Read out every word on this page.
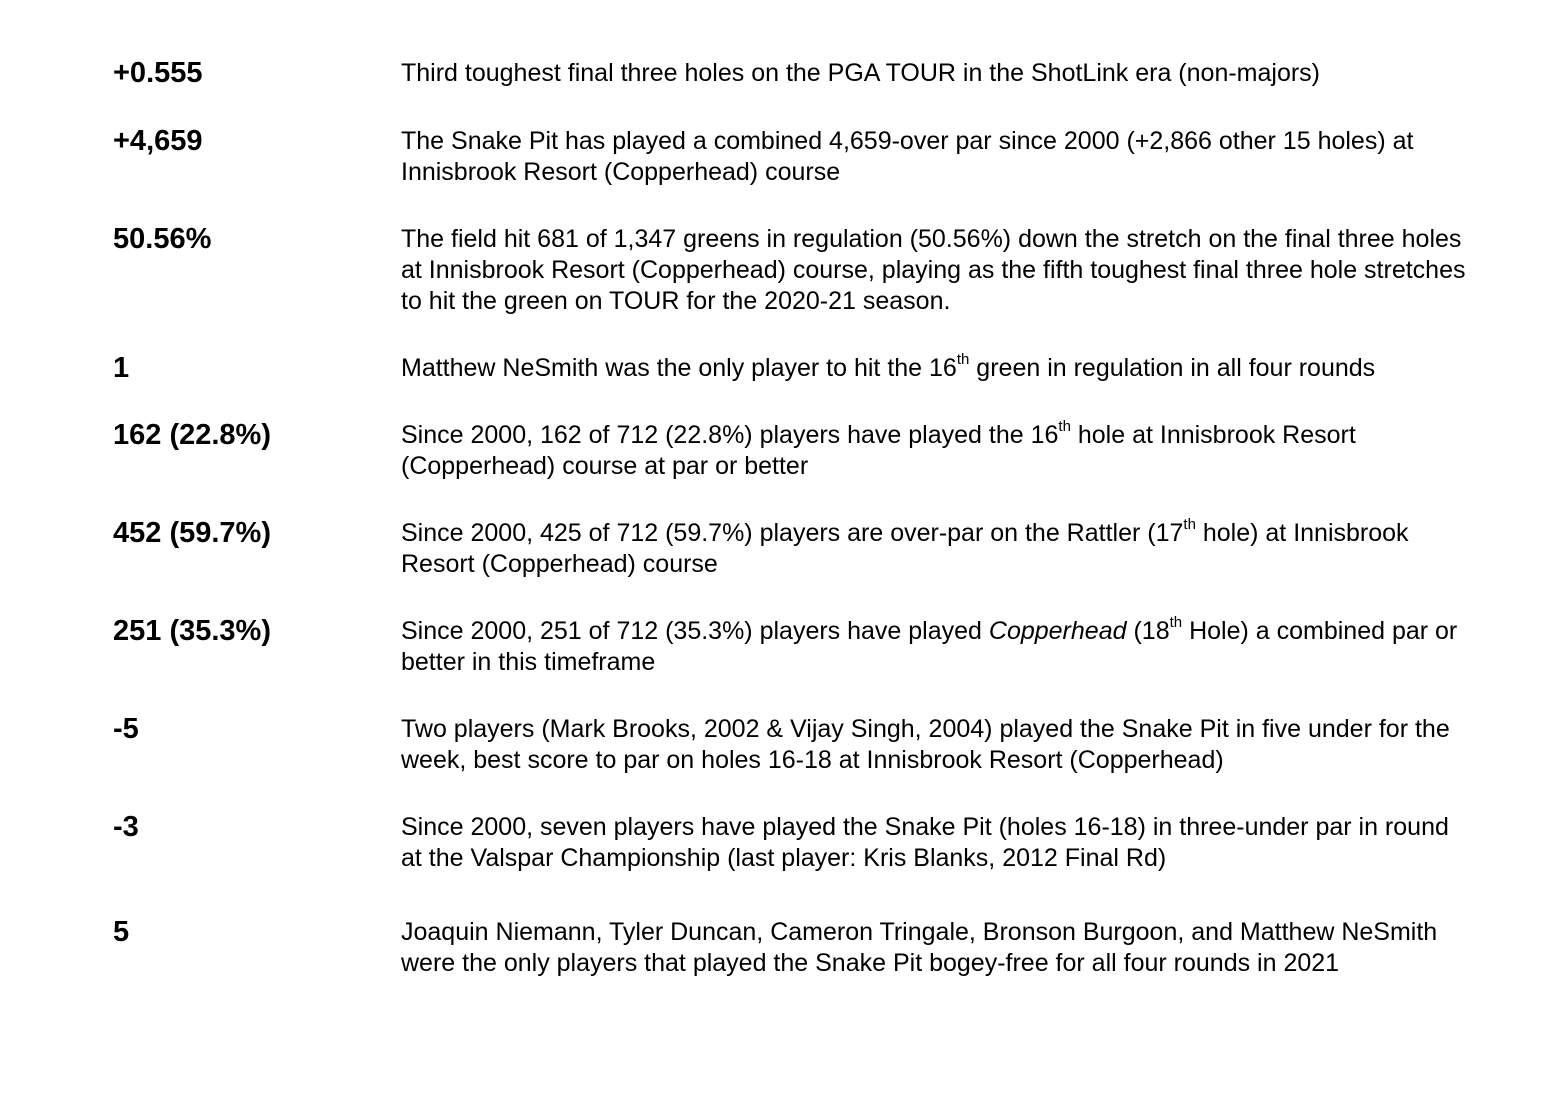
+0.555	Third toughest final three holes on the PGA TOUR in the ShotLink era (non-majors)

+4,659	The Snake Pit has played a combined 4,659-over par since 2000 (+2,866 other 15 holes) at Innisbrook Resort (Copperhead) course

50.56%	The field hit 681 of 1,347 greens in regulation (50.56%) down the stretch on the final three holes at Innisbrook Resort (Copperhead) course, playing as the fifth toughest final three hole stretches to hit the green on TOUR for the 2020-21 season.

1	Matthew NeSmith was the only player to hit the 16th green in regulation in all four rounds

162 (22.8%)	Since 2000, 162 of 712 (22.8%) players have played the 16th hole at Innisbrook Resort (Copperhead) course at par or better

452 (59.7%)	Since 2000, 425 of 712 (59.7%) players are over-par on the Rattler (17th hole) at Innisbrook Resort (Copperhead) course

251 (35.3%)	Since 2000, 251 of 712 (35.3%) players have played Copperhead (18th Hole) a combined par or better in this timeframe

-5	Two players (Mark Brooks, 2002 & Vijay Singh, 2004) played the Snake Pit in five under for the week, best score to par on holes 16-18 at Innisbrook Resort (Copperhead)

-3	Since 2000, seven players have played the Snake Pit (holes 16-18) in three-under par in round at the Valspar Championship (last player: Kris Blanks, 2012 Final Rd)

5	Joaquin Niemann, Tyler Duncan, Cameron Tringale, Bronson Burgoon, and Matthew NeSmith were the only players that played the Snake Pit bogey-free for all four rounds in 2021
